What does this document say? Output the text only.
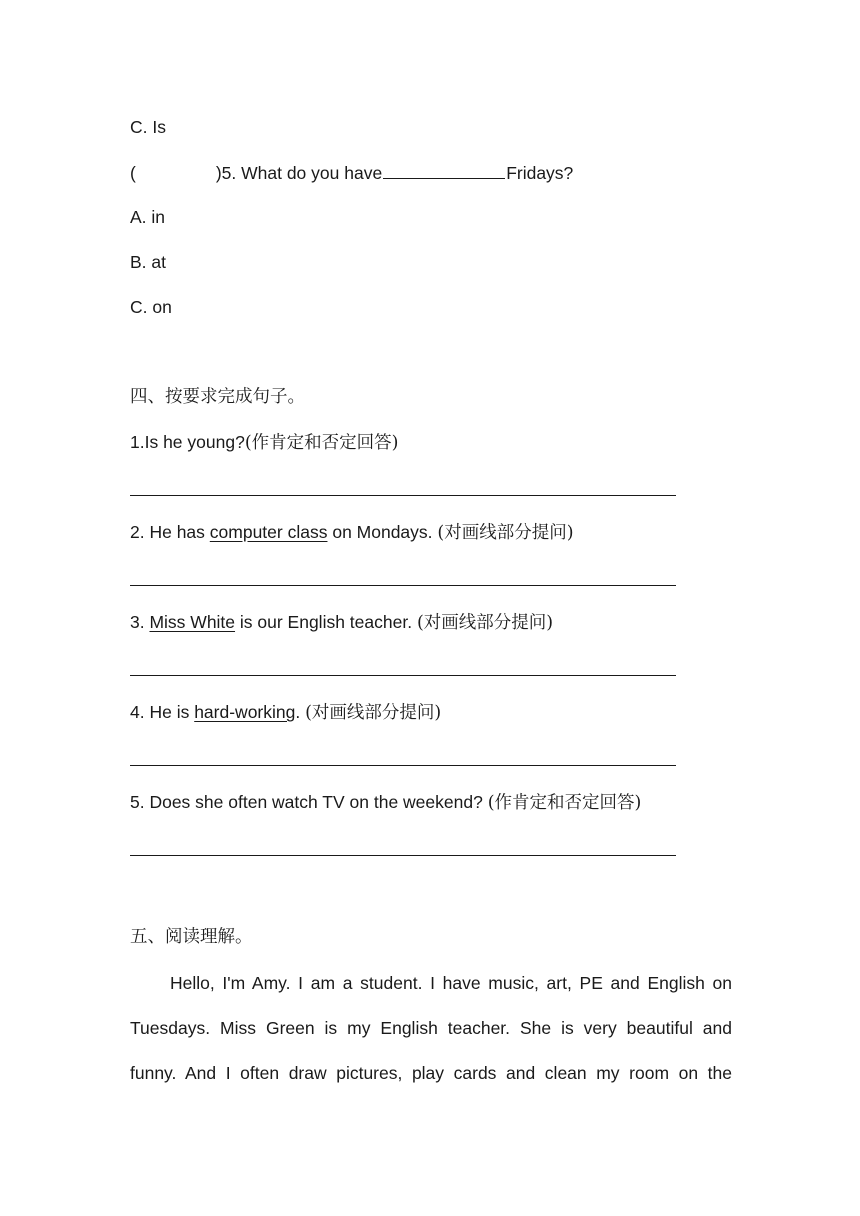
C. Is
(	)5. What do you have	Fridays?
A. in
B. at
C. on
四、按要求完成句子。
1.Is he young?(作肯定和否定回答)
2. He has computer class on Mondays. (对画线部分提问)
3. Miss White is our English teacher. (对画线部分提问)
4. He is hard-working. (对画线部分提问)
5. Does she often watch TV on the weekend? (作肯定和否定回答)
五、阅读理解。
Hello, I'm Amy. I am a student. I have music, art, PE and English on
Tuesdays. Miss Green is my English teacher. She is very beautiful and
funny. And I often draw pictures, play cards and clean my room on the
